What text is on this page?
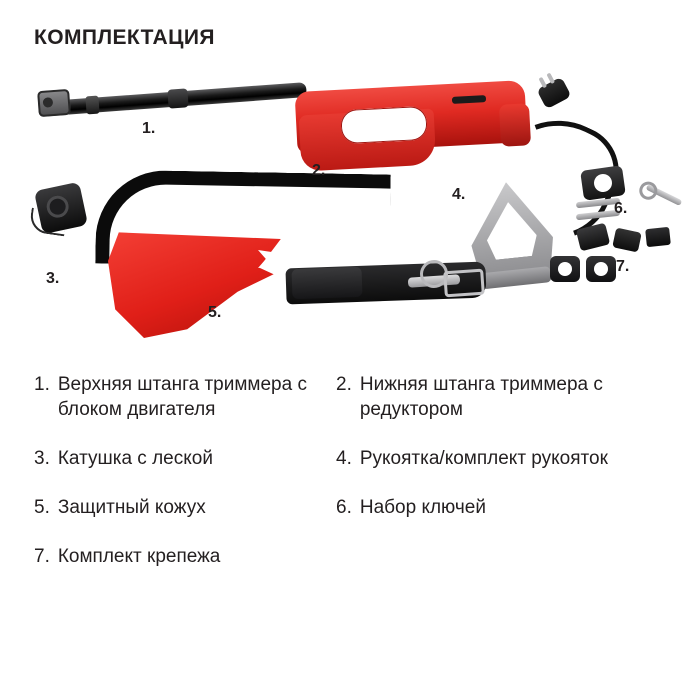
КОМПЛЕКТАЦИЯ
1.
2.
3.
4.
5.
6.
7.
1. Верхняя штанга триммера с блоком двигателя
3. Катушка с леской
5. Защитный кожух
7. Комплект крепежа
2. Нижняя штанга триммера с редуктором
4. Рукоятка/комплект рукояток
6. Набор ключей
